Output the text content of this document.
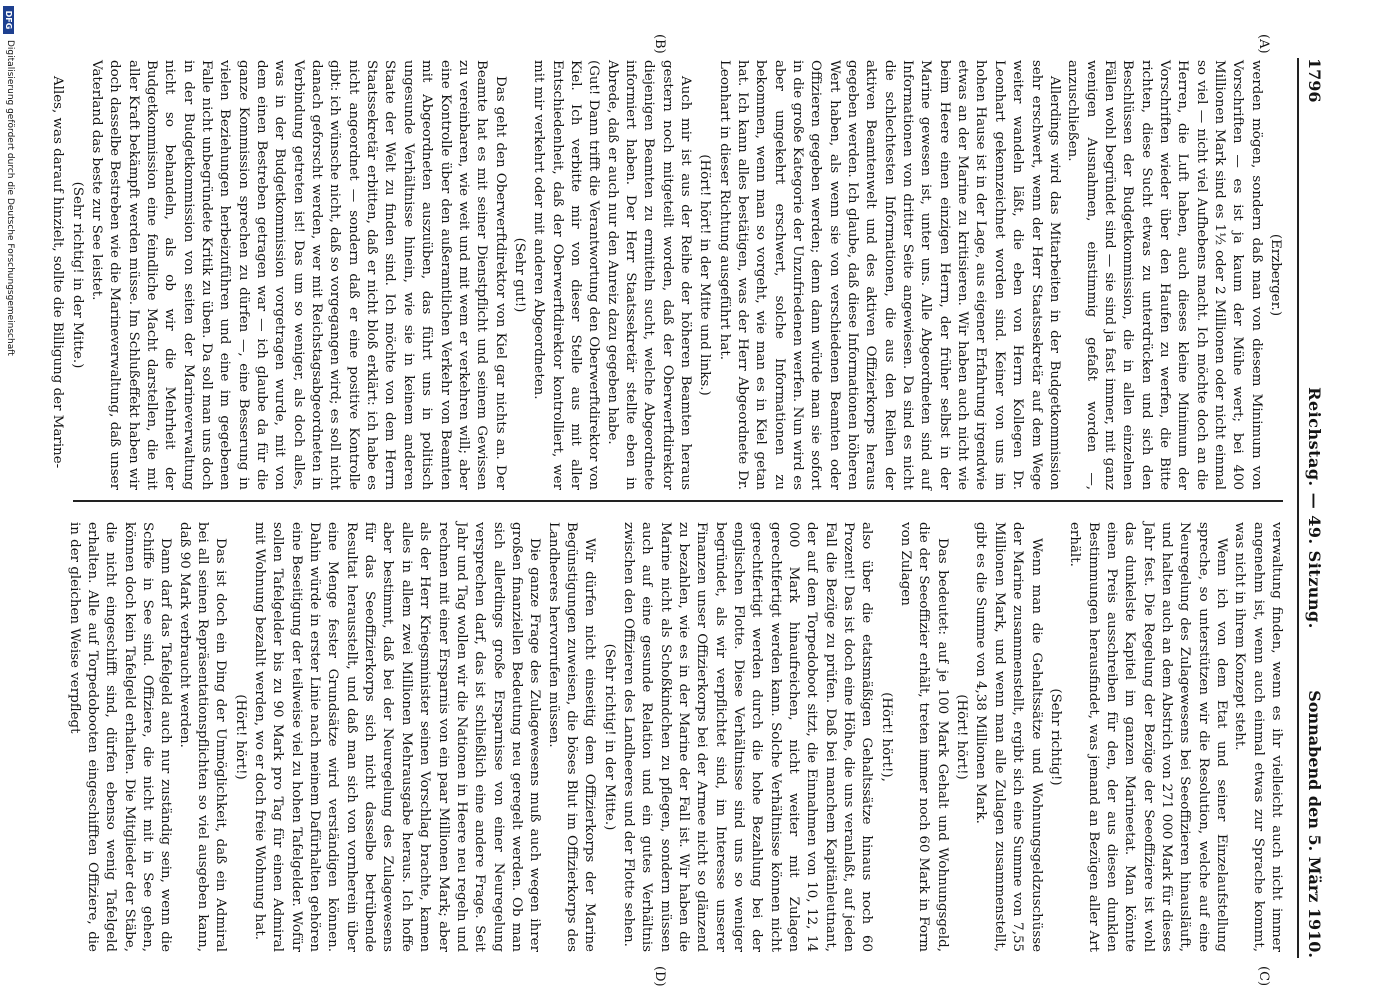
1796
Reichstag. — 49. Sitzung.
Sonnabend den 5. März 1910.
(A)
(B)
(C)
(D)

(Erzberger.)

werden mögen, sondern daß man von diesem Minimum von Vorschriften — es ist ja kaum der Mühe wert; bei 400 Millionen Mark sind es 1½ oder 2 Millionen oder nicht einmal so viel — nicht viel Aufhebens macht. Ich möchte doch an die Herren, die Luft haben, auch dieses kleine Minimum der Vorschriften wieder über den Haufen zu werfen, die Bitte richten, diese Sucht etwas zu unterdrücken und sich den Beschlüssen der Budgetkommission, die in allen einzelnen Fällen wohl begründet sind — sie sind ja fast immer, mit ganz wenigen Ausnahmen, einstimmig gefaßt worden —, anzuschließen.

Allerdings wird das Mitarbeiten in der Budgetkommission sehr erschwert, wenn der Herr Staatssekretär auf dem Wege weiter wandeln läßt, die eben von Herrn Kollegen Dr. Leonhart gekennzeichnet worden sind. Keiner von uns im hohen Hause ist in der Lage, aus eigener Erfahrung irgendwie etwas an der Marine zu kritisieren. Wir haben auch nicht wie beim Heere einen einzigen Herrn, der früher selbst in der Marine gewesen ist, unter uns. Alle Abgeordneten sind auf Informationen von dritter Seite angewiesen. Da sind es nicht die schlechtesten Informationen, die aus den Reihen der aktiven Beamtenwelt und des aktiven Offizierkorps heraus gegeben werden. Ich glaube, daß diese Informationen höheren Wert haben, als wenn sie von verschiedenen Beamten oder Offizieren gegeben werden; denn dann würde man sie sofort in die große Kategorie der Unzufriedenen werfen. Nun wird es aber umgekehrt erschwert, solche Informationen zu bekommen, wenn man so vorgeht, wie man es in Kiel getan hat. Ich kann alles bestätigen, was der Herr Abgeordnete Dr. Leonhart in dieser Richtung ausgeführt hat.

(Hört! hört! in der Mitte und links.)

Auch mir ist aus der Reihe der höheren Beamten heraus gestern noch mitgeteilt worden, daß der Oberwerftdirektor diejenigen Beamten zu ermitteln sucht, welche Abgeordnete informiert haben. Der Herr Staatssekretär stellte eben in Abrede, daß er auch nur den Anreiz dazu gegeben habe.

(Gut! Dann trifft die Verantwortung den Oberwerftdirektor von Kiel. Ich verbitte mir von dieser Stelle aus mit aller Entschiedenheit, daß der Oberwerftdirektor kontrolliert, wer mit mir verkehrt oder mit anderen Abgeordneten.

(Sehr gut!)

Das geht den Oberwerftdirektor von Kiel gar nichts an. Der Beamte hat es mit seiner Dienstpflicht und seinem Gewissen zu vereinbaren, wie weit und mit wem er verkehren will; aber eine Kontrolle über den außeramtlichen Verkehr von Beamten mit Abgeordneten auszuüben, das führt uns in politisch ungesunde Verhältnisse hinein, wie sie in keinem anderen Staate der Welt zu finden sind. Ich möchte von dem Herrn Staatssekretär erbitten, daß er nicht bloß erklärt: ich habe es nicht angeordnet — sondern daß er eine positive Kontrolle gibt: ich wünsche nicht, daß so vorgegangen wird; es soll nicht danach geforscht werden, wer mit Reichstagsabgeordneten in Verbindung getreten ist! Das um so weniger, als doch alles, was in der Budgetkommission vorgetragen wurde, mit von dem einen Bestreben getragen war — ich glaube da für die ganze Kommission sprechen zu dürfen —, eine Besserung in vielen Beziehungen herbeizuführen und eine im gegebenen Falle nicht unbegründete Kritik zu üben. Da soll man uns doch in der Budgetkommission von seiten der Marineverwaltung nicht so behandeln, als ob wir die Mehrheit der Budgetkommission eine feindliche Macht darstellen, die mit aller Kraft bekämpft werden müsse. Im Schlußeffekt haben wir doch dasselbe Bestreben wie die Marineverwaltung, daß unser Vaterland das beste zur See leistet.

(Sehr richtig! in der Mitte.)

Alles, was darauf hinzielt, sollte die Billigung der Marine-

verwaltung finden, wenn es ihr vielleicht auch nicht immer angenehm ist, wenn auch einmal etwas zur Sprache kommt, was nicht in ihrem Konzept steht.

Wenn ich von dem Etat und seiner Einzelaufstellung spreche, so unterstützen wir die Resolution, welche auf eine Neuregelung des Zulagewesens bei Seeoffizieren hinausläuft, und halten auch an dem Abstrich von 271 000 Mark für dieses Jahr fest. Die Regelung der Bezüge der Seeoffiziere ist wohl das dunkelste Kapitel im ganzen Marineetat. Man könnte einen Preis ausschreiben für den, der aus diesen dunklen Bestimmungen herausfindet, was jemand an Bezügen aller Art erhält.

(Sehr richtig!)

Wenn man die Gehaltssätze und Wohnungsgeldzuschüsse der Marine zusammenstellt, ergibt sich eine Summe von 7,55 Millionen Mark, und wenn man alle Zulagen zusammenstellt, gibt es die Summe von 4,38 Millionen Mark.

(Hört! hört!)

Das bedeutet: auf je 100 Mark Gehalt und Wohnungsgeld, die der Seeoffizier erhält, treten immer noch 60 Mark in Form von Zulagen

(Hört! hört!),

also über die etatsmäßigen Gehaltssätze hinaus noch 60 Prozent! Das ist doch eine Höhe, die uns veranlaßt, auf jeden Fall die Bezüge zu prüfen. Daß bei manchem Kapitänleutnant, der auf dem Torpedoboot sitzt, die Einnahmen von 10, 12, 14 000 Mark hinaufreichen, nicht weiter mit Zulagen gerechtfertigt werden kann. Solche Verhältnisse können nicht gerechtfertigt werden durch die hohe Bezahlung bei der englischen Flotte. Diese Verhältnisse sind uns so weniger begründet, als wir verpflichtet sind, im Interesse unserer Finanzen unser Offizierkorps bei der Armee nicht so glänzend zu bezahlen, wie es in der Marine der Fall ist. Wir haben die Marine nicht als Schoßkindchen zu pflegen, sondern müssen auch auf eine gesunde Relation und ein gutes Verhältnis zwischen den Offizieren des Landheeres und der Flotte sehen.

(Sehr richtig! in der Mitte.)

Wir dürfen nicht einseitig dem Offizierkorps der Marine Begünstigungen zuweisen, die böses Blut im Offizierkorps des Landheeres hervorrufen müssen.

Die ganze Frage des Zulagewesens muß auch wegen ihrer großen finanziellen Bedeutung neu geregelt werden. Ob man sich allerdings große Ersparnisse von einer Neuregelung versprechen darf, das ist schließlich eine andere Frage. Seit Jahr und Tag wollen wir die Nationen in Heere neu regeln und rechnen mit einer Ersparnis von ein paar Millionen Mark; aber als der Herr Kriegsminister seinen Vorschlag brachte, kamen alles in allem zwei Millionen Mehrausgabe heraus. Ich hoffe aber bestimmt, daß bei der Neuregelung des Zulagewesens für das Seeoffizierkorps sich nicht dasselbe betrübende Resultat herausstellt, und daß man sich von vornherein über eine Menge fester Grundsätze wird verständigen können. Dahin würde in erster Linie nach meinem Dafürhalten gehören eine Beseitigung der teilweise viel zu hohen Tafelgelder. Wofür sollen Tafelgelder bis zu 90 Mark pro Tag für einen Admiral mit Wohnung bezahlt werden, wo er doch freie Wohnung hat.

(Hört! hört!)

Das ist doch ein Ding der Unmöglichkeit, daß ein Admiral bei all seinen Repräsentationspflichten so viel ausgeben kann, daß 90 Mark verbraucht werden.

Dann darf das Tafelgeld auch nur zuständig sein, wenn die Schiffe in See sind. Offiziere, die nicht mit in See gehen, können doch kein Tafelgeld erhalten. Die Mitglieder der Stäbe, die nicht eingeschifft sind, dürfen ebenso wenig Tafelgeld erhalten. Alle auf Torpedobooten eingeschifften Offiziere, die in der gleichen Weise verpflegt

DFG
Digitalisierung gefördert durch die Deutsche Forschungsgemeinschaft
